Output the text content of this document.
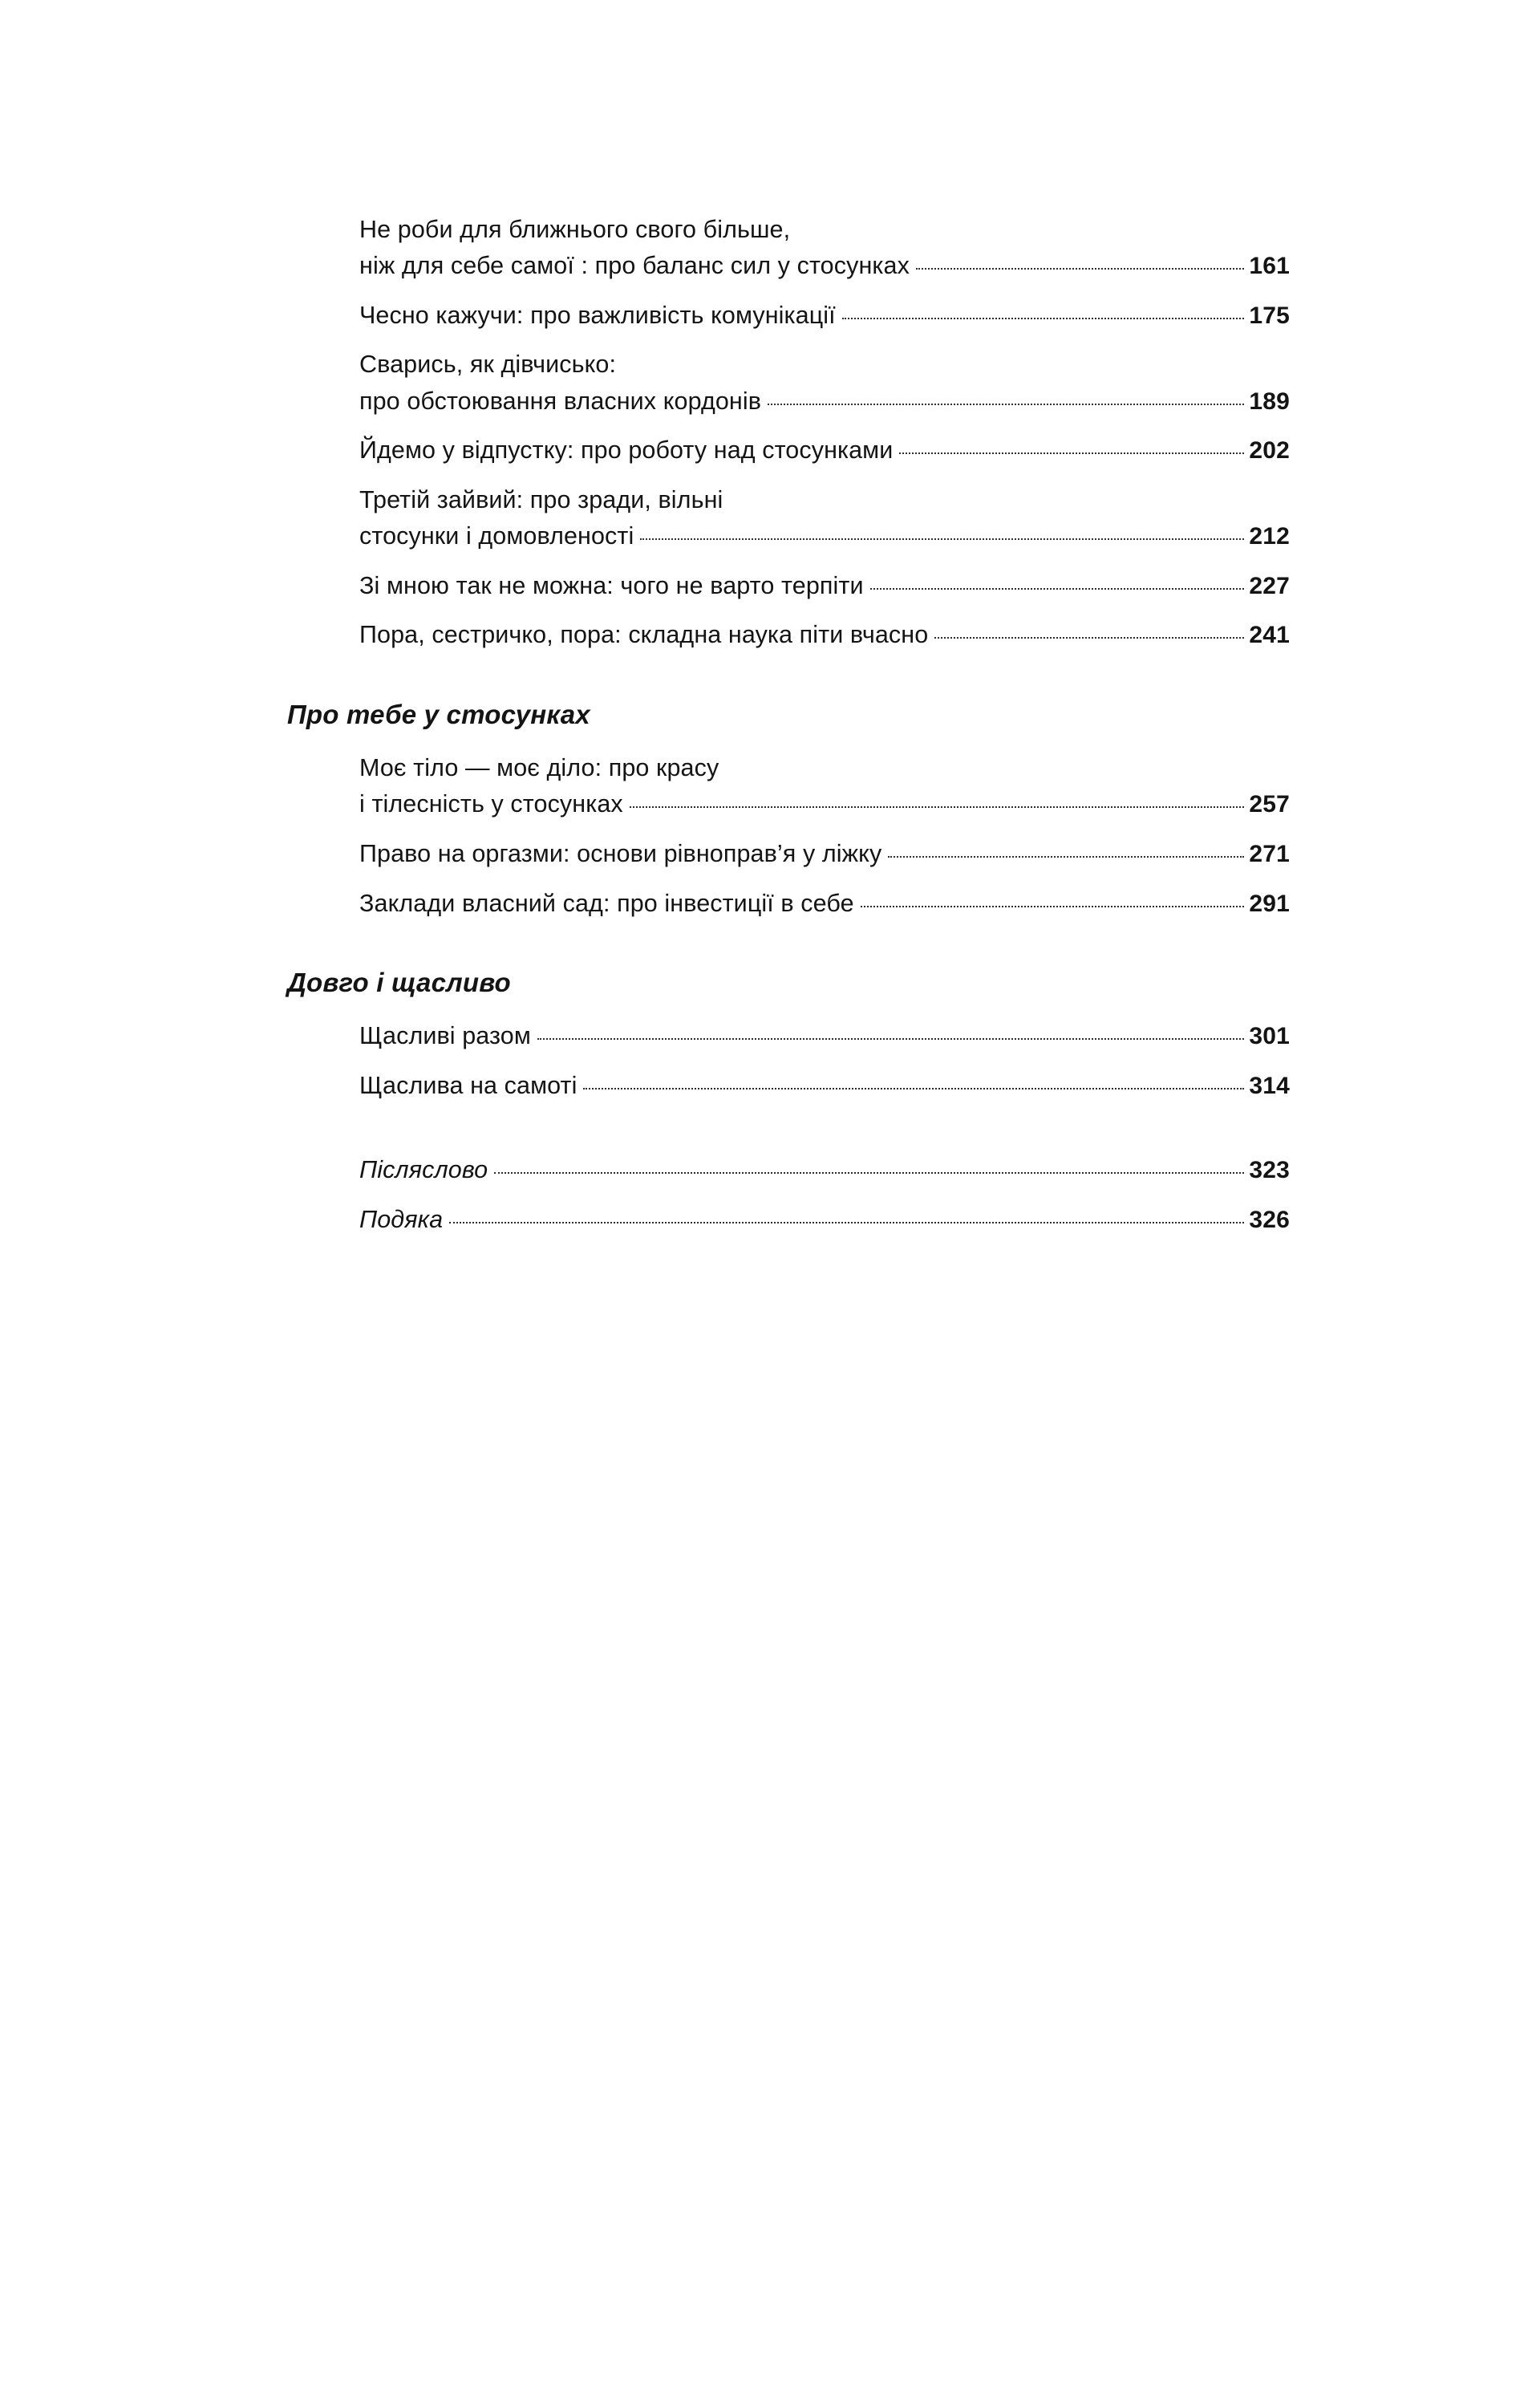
Не роби для ближнього свого більше,
ніж для себе самої : про баланс сил у стосунках	161
Чесно кажучи: про важливість комунікації	175
Сварись, як дівчисько:
про обстоювання власних кордонів	189
Йдемо у відпустку: про роботу над стосунками	202
Третій зайвий: про зради, вільні
стосунки і домовленості	212
Зі мною так не можна: чого не варто терпіти	227
Пора, сестричко, пора: складна наука піти вчасно	241
Про тебе у стосунках
Моє тіло — моє діло: про красу
і тілесність у стосунках	257
Право на оргазми: основи рівноправ’я у ліжку	271
Заклади власний сад: про інвестиції в себе	291
Довго і щасливо
Щасливі разом	301
Щаслива на самоті	314
Післяслово	323
Подяка	326
